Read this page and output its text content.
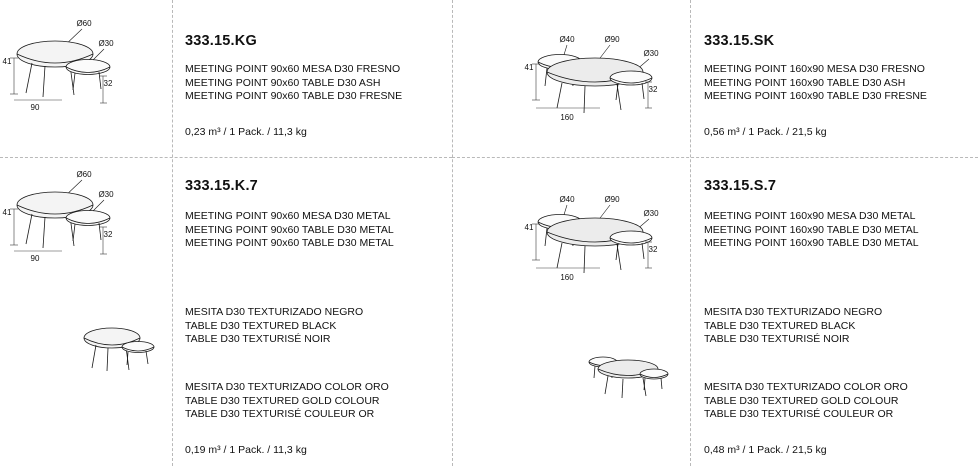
Ø60
Ø30
41
32
90
333.15.KG
MEETING POINT 90x60 MESA D30 FRESNO
MEETING POINT 90x60 TABLE D30 ASH
MEETING POINT 90x60 TABLE D30 FRESNE
0,23 m³ / 1 Pack. / 11,3 kg
Ø40	Ø90
Ø30
41
32
160
333.15.SK
MEETING POINT 160x90 MESA D30 FRESNO
MEETING POINT 160x90 TABLE D30 ASH
MEETING POINT 160x90 TABLE D30 FRESNE
0,56 m³ / 1 Pack. / 21,5 kg
Ø60
Ø30
41
32
90
333.15.K.7
MEETING POINT 90x60 MESA D30 METAL
MEETING POINT 90x60 TABLE D30 METAL
MEETING POINT 90x60 TABLE D30 METAL
Ø40	Ø90
Ø30
41
32
160
333.15.S.7
MEETING POINT 160x90 MESA D30 METAL
MEETING POINT 160x90 TABLE D30 METAL
MEETING POINT 160x90 TABLE D30 METAL
MESITA D30 TEXTURIZADO NEGRO
TABLE D30 TEXTURED BLACK
TABLE D30 TEXTURISÉ NOIR
MESITA D30 TEXTURIZADO COLOR ORO
TABLE D30 TEXTURED GOLD COLOUR
TABLE D30 TEXTURISÉ COULEUR OR
0,19 m³ / 1 Pack. / 11,3 kg
MESITA D30 TEXTURIZADO NEGRO
TABLE D30 TEXTURED BLACK
TABLE D30 TEXTURISÉ NOIR
MESITA D30 TEXTURIZADO COLOR ORO
TABLE D30 TEXTURED GOLD COLOUR
TABLE D30 TEXTURISÉ COULEUR OR
0,48 m³ / 1 Pack. / 21,5 kg
